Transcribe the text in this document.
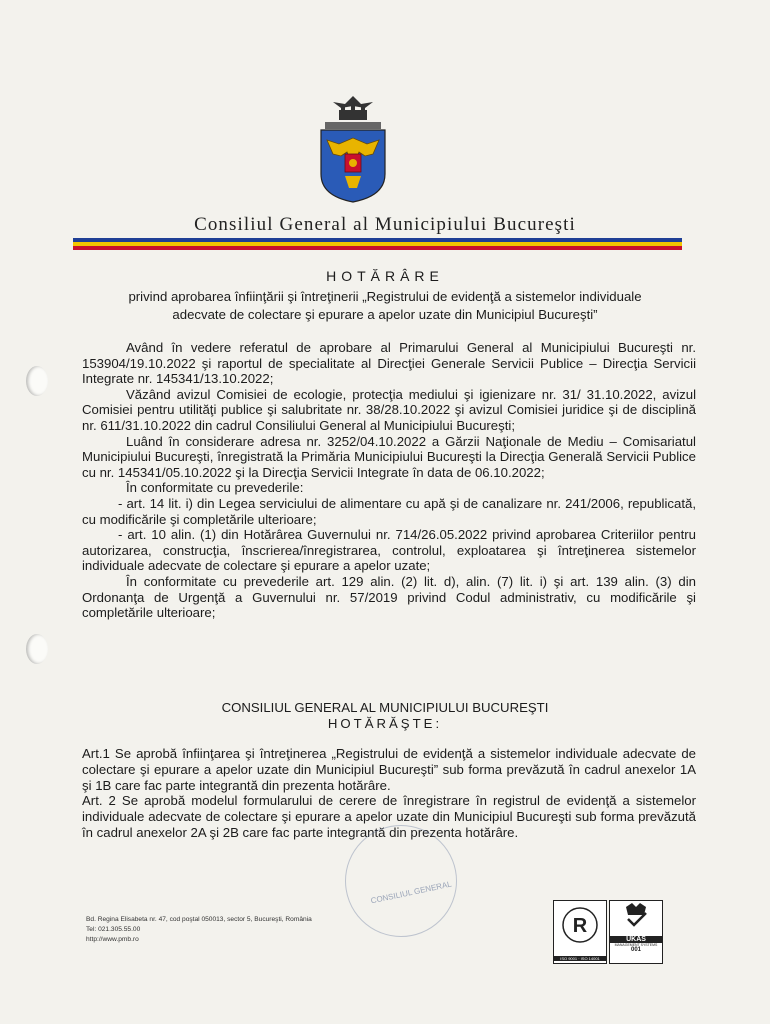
Consiliul General al Municipiului Bucureşti
HOTĂRÂRE
privind aprobarea înfiinţării şi întreţinerii „Registrului de evidenţă a sistemelor individuale
adecvate de colectare şi epurare a apelor uzate din Municipiul Bucureşti”

Având în vedere referatul de aprobare al Primarului General al Municipiului Bucureşti nr. 153904/19.10.2022 şi raportul de specialitate al Direcţiei Generale Servicii Publice – Direcţia Servicii Integrate nr. 145341/13.10.2022;

Văzând avizul Comisiei de ecologie, protecţia mediului şi igienizare nr. 31/ 31.10.2022, avizul Comisiei pentru utilităţi publice şi salubritate nr. 38/28.10.2022 şi avizul Comisiei juridice şi de disciplină nr. 611/31.10.2022 din cadrul Consiliului General al Municipiului Bucureşti;

Luând în considerare adresa nr. 3252/04.10.2022 a Gărzii Naţionale de Mediu – Comisariatul Municipiului Bucureşti, înregistrată la Primăria Municipiului Bucureşti la Direcţia Generală Servicii Publice cu nr. 145341/05.10.2022 şi la Direcţia Servicii Integrate în data de 06.10.2022;

În conformitate cu prevederile:

- art. 14 lit. i) din Legea serviciului de alimentare cu apă şi de canalizare nr. 241/2006, republicată, cu modificările şi completările ulterioare;

- art. 10 alin. (1) din Hotărârea Guvernului nr. 714/26.05.2022 privind aprobarea Criteriilor pentru autorizarea, construcţia, înscrierea/înregistrarea, controlul, exploatarea şi întreţinerea sistemelor individuale adecvate de colectare şi epurare a apelor uzate;

În conformitate cu prevederile art. 129 alin. (2) lit. d), alin. (7) lit. i) şi art. 139 alin. (3) din Ordonanţa de Urgenţă a Guvernului nr. 57/2019 privind Codul administrativ, cu modificările şi completările ulterioare;

CONSILIUL GENERAL AL MUNICIPIULUI BUCUREŞTI
HOTĂRĂŞTE:

Art.1 Se aprobă înfiinţarea şi întreţinerea „Registrului de evidenţă a sistemelor individuale adecvate de colectare şi epurare a apelor uzate din Municipiul Bucureşti” sub forma prevăzută în cadrul anexelor 1A şi 1B care fac parte integrantă din prezenta hotărâre.

Art. 2 Se aprobă modelul formularului de cerere de înregistrare în registrul de evidenţă a sistemelor individuale adecvate de colectare şi epurare a apelor uzate din Municipiul Bucureşti sub forma prevăzută în cadrul anexelor 2A şi 2B care fac parte integrantă din prezenta hotărâre.

CONSILIUL GENERAL
Bd. Regina Elisabeta nr. 47, cod poştal 050013, sector 5, Bucureşti, România
Tel: 021.305.55.00
http://www.pmb.ro
R
ISO 9001 · ISO 14001
UKAS
MANAGEMENT SYSTEMS
001
